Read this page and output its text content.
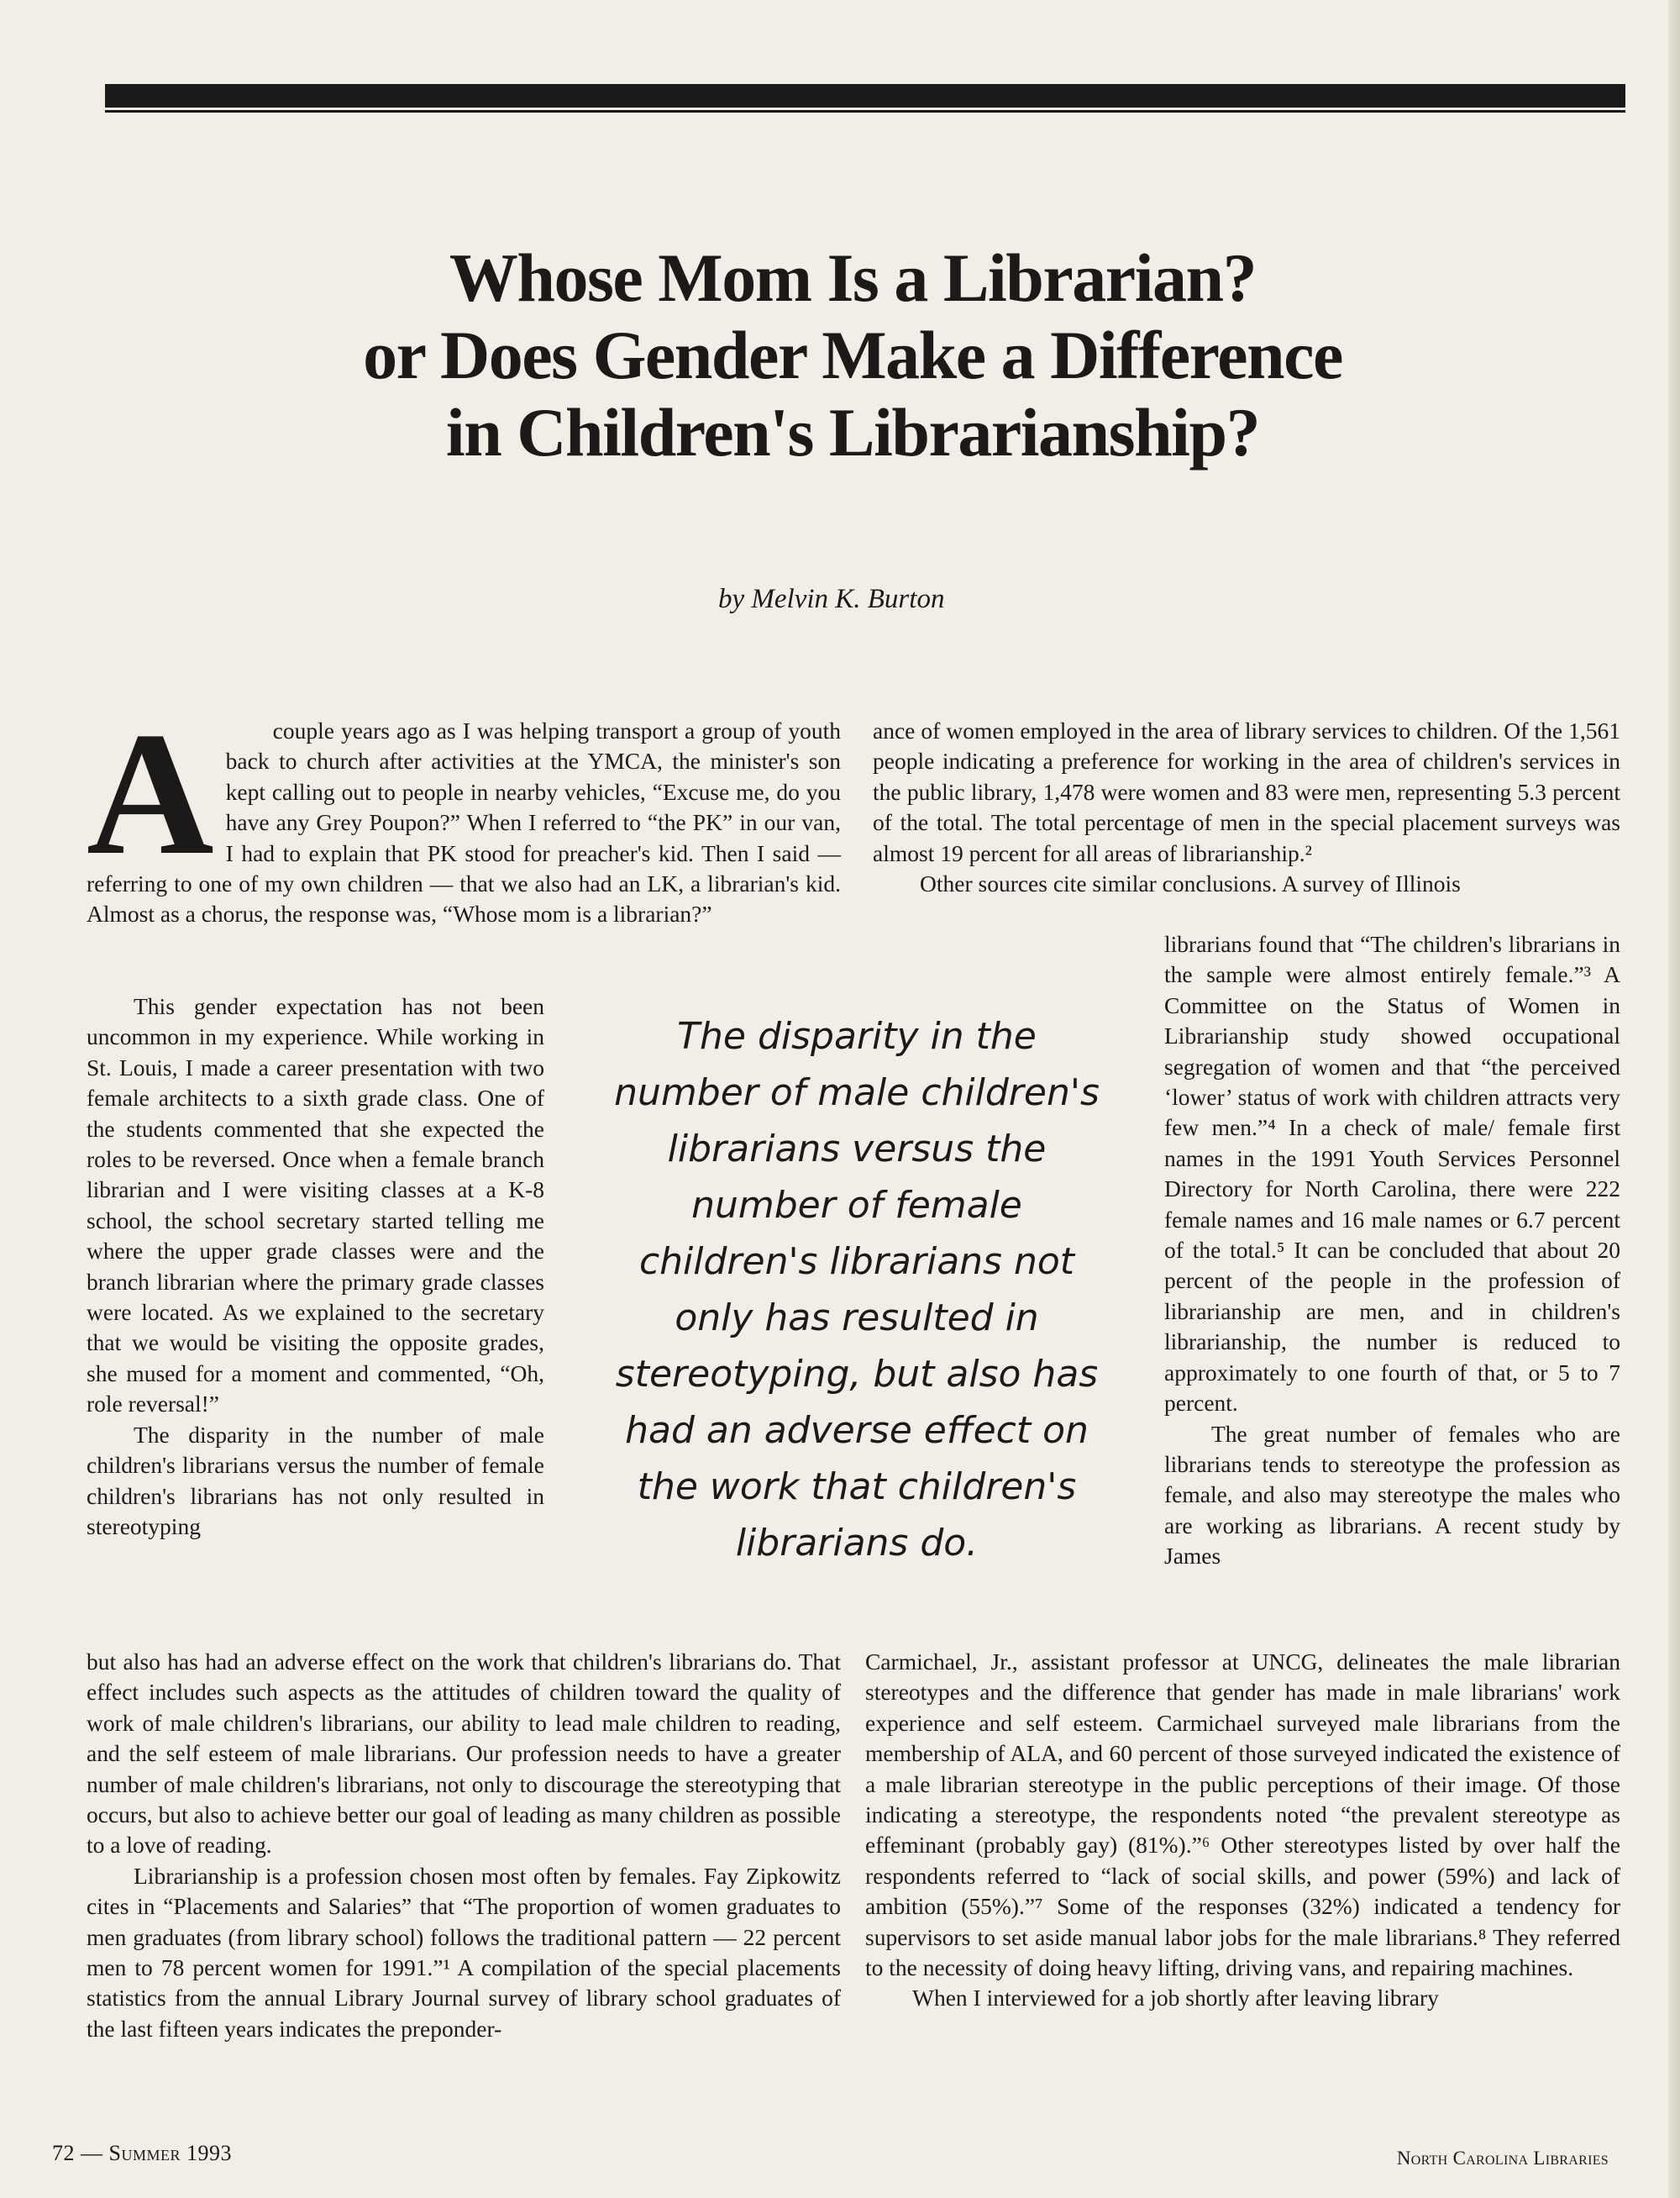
Whose Mom Is a Librarian?
or Does Gender Make a Difference
in Children's Librarianship?
by Melvin K. Burton
A	couple years ago as I was helping transport a group of youth back to church after activities at the YMCA, the minister's son kept calling out to people in nearby vehicles, “Excuse me, do you have any Grey Poupon?” When I referred to “the PK” in our van, I had to explain that PK stood for preacher's kid. Then I said — referring to one of my own children — that we also had an LK, a librarian's kid. Almost as a chorus, the response was, “Whose mom is a librarian?”

This gender expectation has not been uncommon in my experience. While working in St. Louis, I made a career presentation with two female architects to a sixth grade class. One of the students commented that she expected the roles to be reversed. Once when a female branch librarian and I were visiting classes at a K-8 school, the school secretary started telling me where the upper grade classes were and the branch librarian where the primary grade classes were located. As we explained to the secretary that we would be visiting the opposite grades, she mused for a moment and commented, “Oh, role reversal!”

The disparity in the number of male children's librarians versus the number of female children's librarians has not only resulted in stereotyping

but also has had an adverse effect on the work that children's librarians do. That effect includes such aspects as the attitudes of children toward the quality of work of male children's librarians, our ability to lead male children to reading, and the self esteem of male librarians. Our profession needs to have a greater number of male children's librarians, not only to discourage the stereotyping that occurs, but also to achieve better our goal of leading as many children as possible to a love of reading.

Librarianship is a profession chosen most often by females. Fay Zipkowitz cites in “Placements and Salaries” that “The proportion of women graduates to men graduates (from library school) follows the traditional pattern — 22 percent men to 78 percent women for 1991.”¹ A compilation of the special placements statistics from the annual Library Journal survey of library school graduates of the last fifteen years indicates the preponder-

ance of women employed in the area of library services to children. Of the 1,561 people indicating a preference for working in the area of children's services in the public library, 1,478 were women and 83 were men, representing 5.3 percent of the total. The total percentage of men in the special placement surveys was almost 19 percent for all areas of librarianship.²

Other sources cite similar conclusions. A survey of Illinois

librarians found that “The children's librarians in the sample were almost entirely female.”³ A Committee on the Status of Women in Librarianship study showed occupational segregation of women and that “the perceived ‘lower’ status of work with children attracts very few men.”⁴ In a check of male/ female first names in the 1991 Youth Services Personnel Directory for North Carolina, there were 222 female names and 16 male names or 6.7 percent of the total.⁵ It can be concluded that about 20 percent of the people in the profession of librarianship are men, and in children's librarianship, the number is reduced to approximately to one fourth of that, or 5 to 7 percent.

The great number of females who are librarians tends to stereotype the profession as female, and also may stereotype the males who are working as librarians. A recent study by James

Carmichael, Jr., assistant professor at UNCG, delineates the male librarian stereotypes and the difference that gender has made in male librarians' work experience and self esteem. Carmichael surveyed male librarians from the membership of ALA, and 60 percent of those surveyed indicated the existence of a male librarian stereotype in the public perceptions of their image. Of those indicating a stereotype, the respondents noted “the prevalent stereotype as effeminant (probably gay) (81%).”⁶ Other stereotypes listed by over half the respondents referred to “lack of social skills, and power (59%) and lack of ambition (55%).”⁷ Some of the responses (32%) indicated a tendency for supervisors to set aside manual labor jobs for the male librarians.⁸ They referred to the necessity of doing heavy lifting, driving vans, and repairing machines.

When I interviewed for a job shortly after leaving library

The disparity in the
number of male children's
librarians versus the
number of female
children's librarians not
only has resulted in
stereotyping, but also has
had an adverse effect on
the work that children's
librarians do.
72 — Summer 1993	North Carolina Libraries
